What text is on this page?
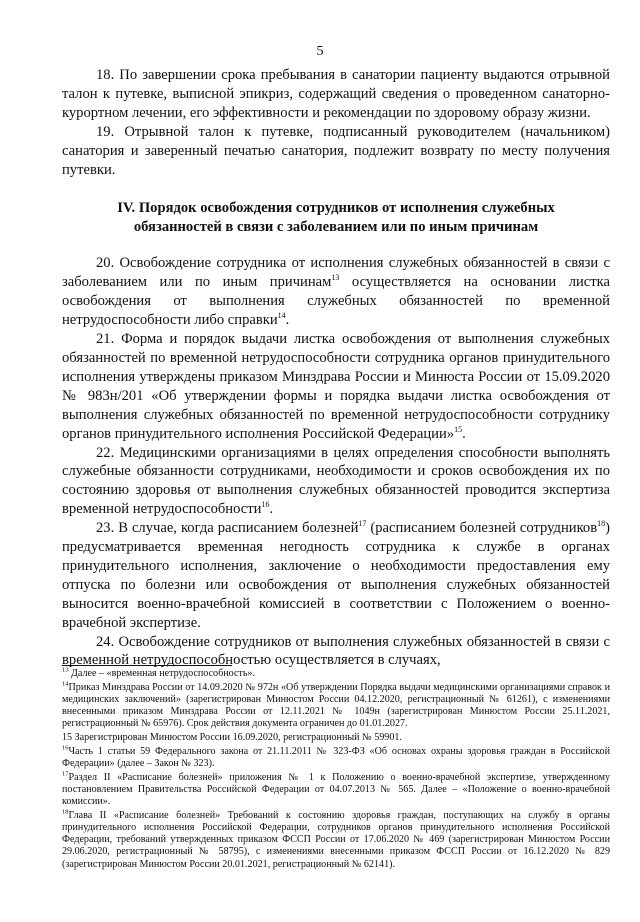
5

18. По завершении срока пребывания в санатории пациенту выдаются отрывной талон к путевке, выписной эпикриз, содержащий сведения о проведенном санаторно-курортном лечении, его эффективности и рекомендации по здоровому образу жизни.

19. Отрывной талон к путевке, подписанный руководителем (начальником) санатория и заверенный печатью санатория, подлежит возврату по месту получения путевки.

IV. Порядок освобождения сотрудников от исполнения служебных обязанностей в связи с заболеванием или по иным причинам

20. Освобождение сотрудника от исполнения служебных обязанностей в связи с заболеванием или по иным причинам$^{13}$ осуществляется на основании листка освобождения от выполнения служебных обязанностей по временной нетрудоспособности либо справки$^{14}$.

21. Форма и порядок выдачи листка освобождения от выполнения служебных обязанностей по временной нетрудоспособности сотрудника органов принудительного исполнения утверждены приказом Минздрава России и Минюста России от 15.09.2020 № 983н/201 «Об утверждении формы и порядка выдачи листка освобождения от выполнения служебных обязанностей по временной нетрудоспособности сотруднику органов принудительного исполнения Российской Федерации»$^{15}$.

22. Медицинскими организациями в целях определения способности выполнять служебные обязанности сотрудниками, необходимости и сроков освобождения их по состоянию здоровья от выполнения служебных обязанностей проводится экспертиза временной нетрудоспособности$^{16}$.

23. В случае, когда расписанием болезней$^{17}$ (расписанием болезней сотрудников$^{18}$) предусматривается временная негодность сотрудника к службе в органах принудительного исполнения, заключение о необходимости предоставления ему отпуска по болезни или освобождения от выполнения служебных обязанностей выносится военно-врачебной комиссией в соответствии с Положением о военно-врачебной экспертизе.

24. Освобождение сотрудников от выполнения служебных обязанностей в связи с временной нетрудоспособностью осуществляется в случаях,

$^{13}$ Далее – «временная нетрудоспособность».

$^{14}$Приказ Минздрава России от 14.09.2020 № 972н «Об утверждении Порядка выдачи медицинскими организациями справок и медицинских заключений» (зарегистрирован Минюстом России 04.12.2020, регистрационный № 61261), с изменениями внесенными приказом Минздрава России от 12.11.2021 № 1049н (зарегистрирован Минюстом России 25.11.2021, регистрационный № 65976). Срок действия документа ограничен до 01.01.2027.

15 Зарегистрирован Минюстом России 16.09.2020, регистрационный № 59901.

$^{16}$Часть 1 статьи 59 Федерального закона от 21.11.2011 № 323-ФЗ «Об основах охраны здоровья граждан в Российской Федерации» (далее – Закон № 323).

$^{17}$Раздел II «Расписание болезней» приложения № 1 к Положению о военно-врачебной экспертизе, утвержденному постановлением Правительства Российской Федерации от 04.07.2013 № 565. Далее – «Положение о военно-врачебной комиссии».

$^{18}$Глава II «Расписание болезней» Требований к состоянию здоровья граждан, поступающих на службу в органы принудительного исполнения Российской Федерации, сотрудников органов принудительного исполнения Российской Федерации, требований утвержденных приказом ФССП России от 17.06.2020 № 469 (зарегистрирован Минюстом России 29.06.2020, регистрационный № 58795), с изменениями внесенными приказом ФССП России от 16.12.2020 № 829 (зарегистрирован Минюстом России 20.01.2021, регистрационный № 62141).
